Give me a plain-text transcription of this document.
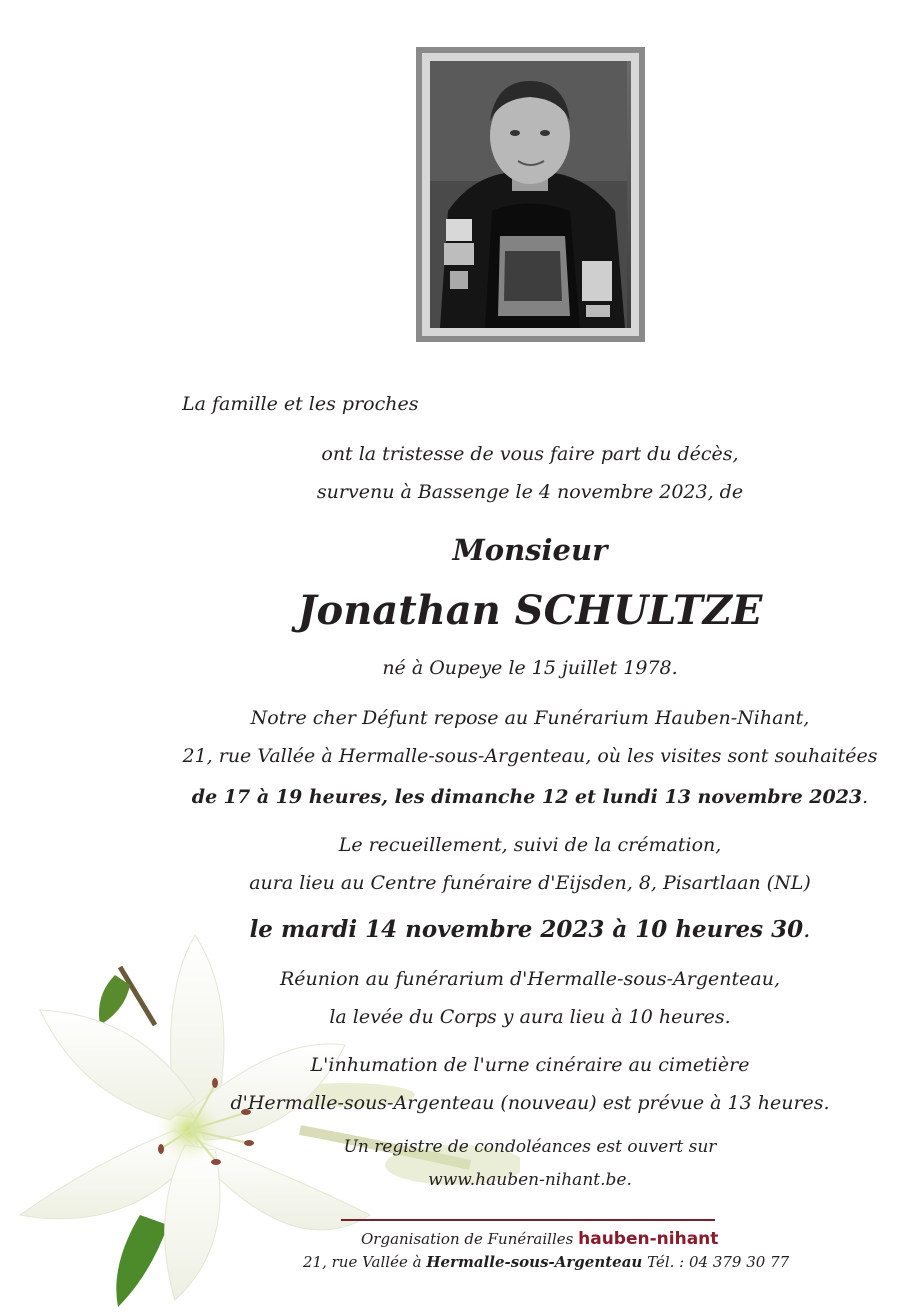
La famille et les proches
ont la tristesse de vous faire part du décès,
survenu à Bassenge le 4 novembre 2023, de
Monsieur
Jonathan SCHULTZE
né à Oupeye le 15 juillet 1978.
Notre cher Défunt repose au Funérarium Hauben-Nihant,
21, rue Vallée à Hermalle-sous-Argenteau, où les visites sont souhaitées
de 17 à 19 heures, les dimanche 12 et lundi 13 novembre 2023.
Le recueillement, suivi de la crémation,
aura lieu au Centre funéraire d'Eijsden, 8, Pisartlaan (NL)
le mardi 14 novembre 2023 à 10 heures 30.
Réunion au funérarium d'Hermalle-sous-Argenteau,
la levée du Corps y aura lieu à 10 heures.
L'inhumation de l'urne cinéraire au cimetière
d'Hermalle-sous-Argenteau (nouveau) est prévue à 13 heures.
Un registre de condoléances est ouvert sur
www.hauben-nihant.be.
Organisation de Funérailles hauben-nihant
21, rue Vallée à Hermalle-sous-Argenteau Tél. : 04 379 30 77
